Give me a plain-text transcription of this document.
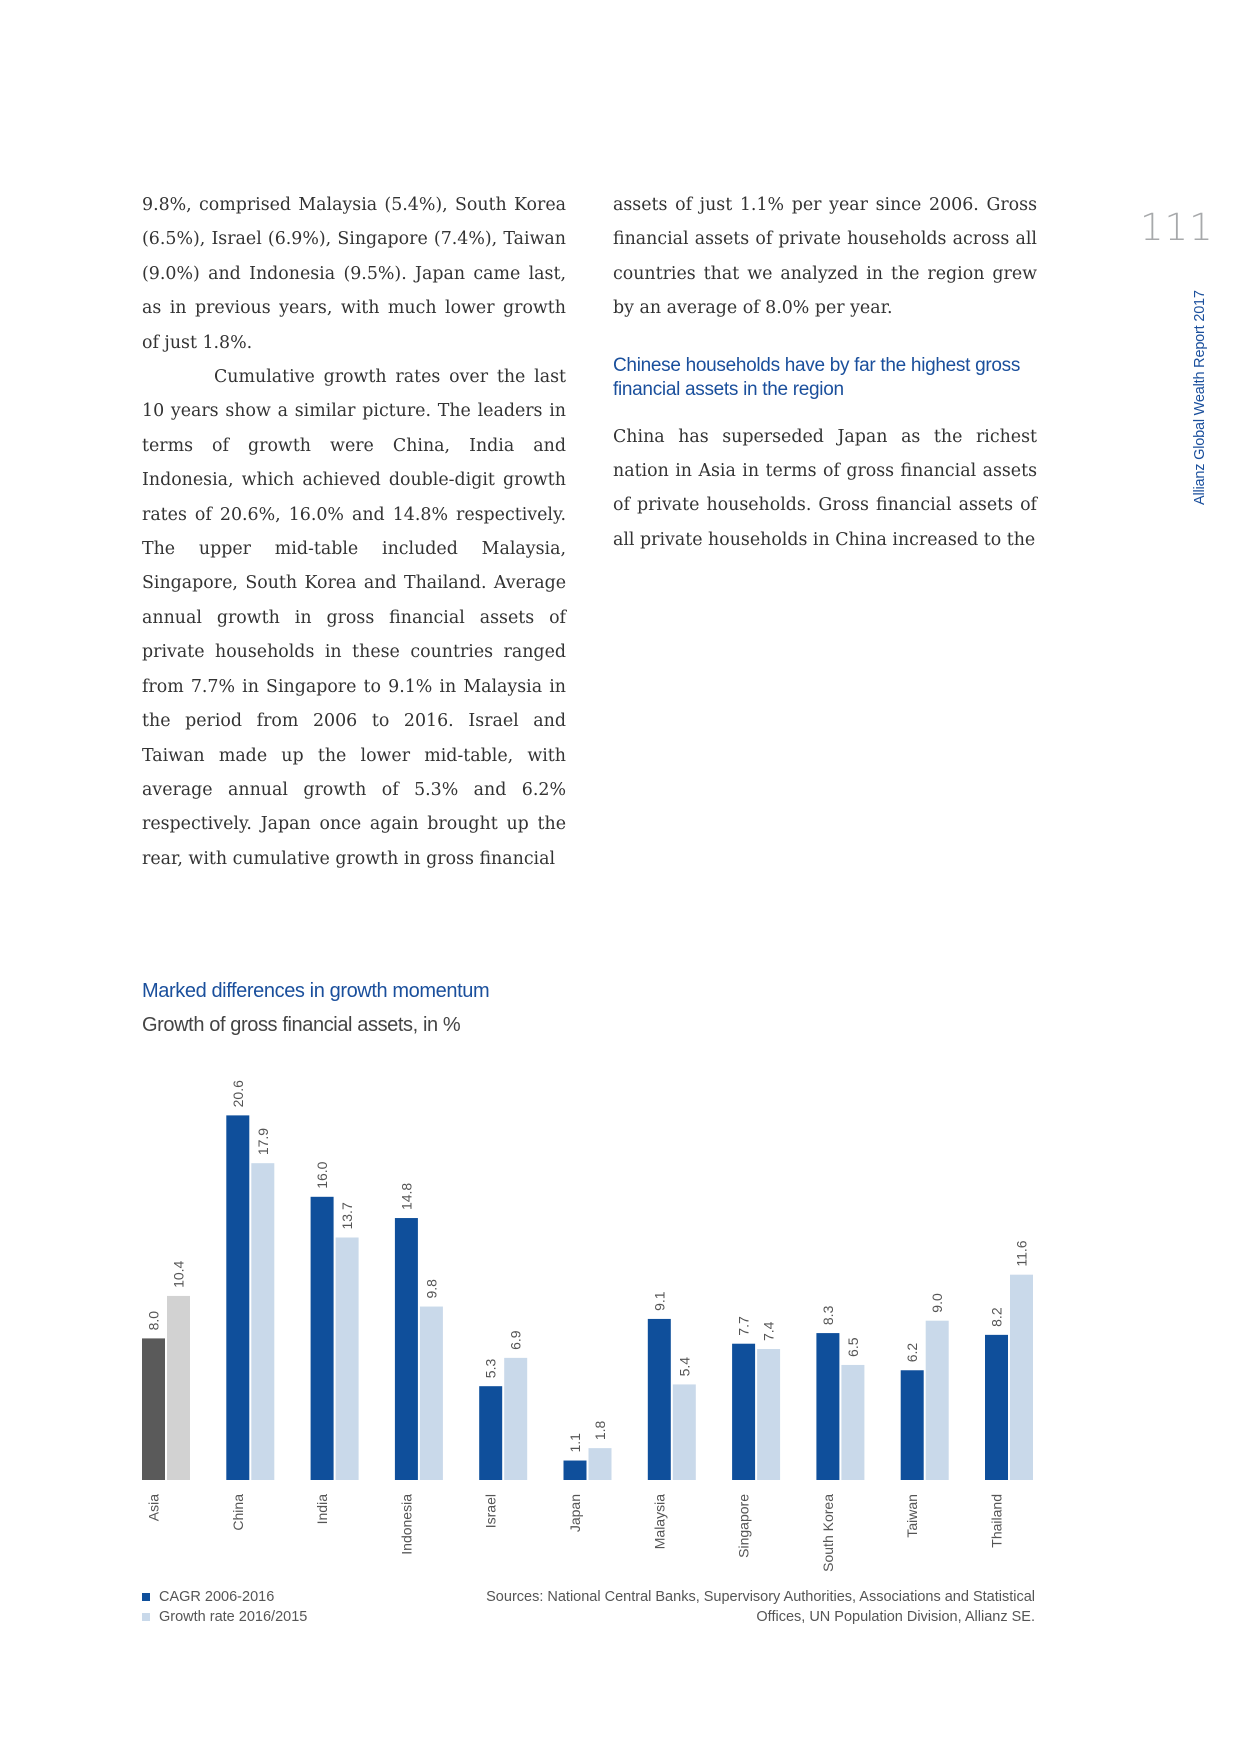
9.8%, comprised Malaysia (5.4%), South Korea (6.5%), Israel (6.9%), Singapore (7.4%), Taiwan (9.0%) and Indonesia (9.5%). Japan came last, as in previous years, with much lower growth of just 1.8%.

Cumulative growth rates over the last 10 years show a similar picture. The leaders in terms of growth were China, India and Indonesia, which achieved double-digit growth rates of 20.6%, 16.0% and 14.8% respectively. The upper mid-table included Malaysia, Singapore, South Korea and Thailand. Average annual growth in gross financial assets of private households in these countries ranged from 7.7% in Singapore to 9.1% in Malaysia in the period from 2006 to 2016. Israel and Taiwan made up the lower mid-table, with average annual growth of 5.3% and 6.2% respectively. Japan once again brought up the rear, with cumulative growth in gross financial

assets of just 1.1% per year since 2006. Gross financial assets of private households across all countries that we analyzed in the region grew by an average of 8.0% per year.

Chinese households have by far the highest gross financial assets in the region

China has superseded Japan as the richest nation in Asia in terms of gross financial assets of private households. Gross financial assets of all private households in China increased to the

111
Allianz Global Wealth Report 2017
Marked differences in growth momentum
Growth of gross financial assets, in %
8.0
10.4
Asia
20.6
17.9
China
16.0
13.7
India
14.8
9.8
Indonesia
5.3
6.9
Israel
1.1
1.8
Japan
9.1
5.4
Malaysia
7.7 7.4
Singapore
8.3
6.5
South Korea
6.2
9.0
Taiwan
8.2
11.6
Thailand
CAGR 2006-2016
Growth rate 2016/2015
Sources: National Central Banks, Supervisory Authorities, Associations and Statistical Offices, UN Population Division, Allianz SE.
